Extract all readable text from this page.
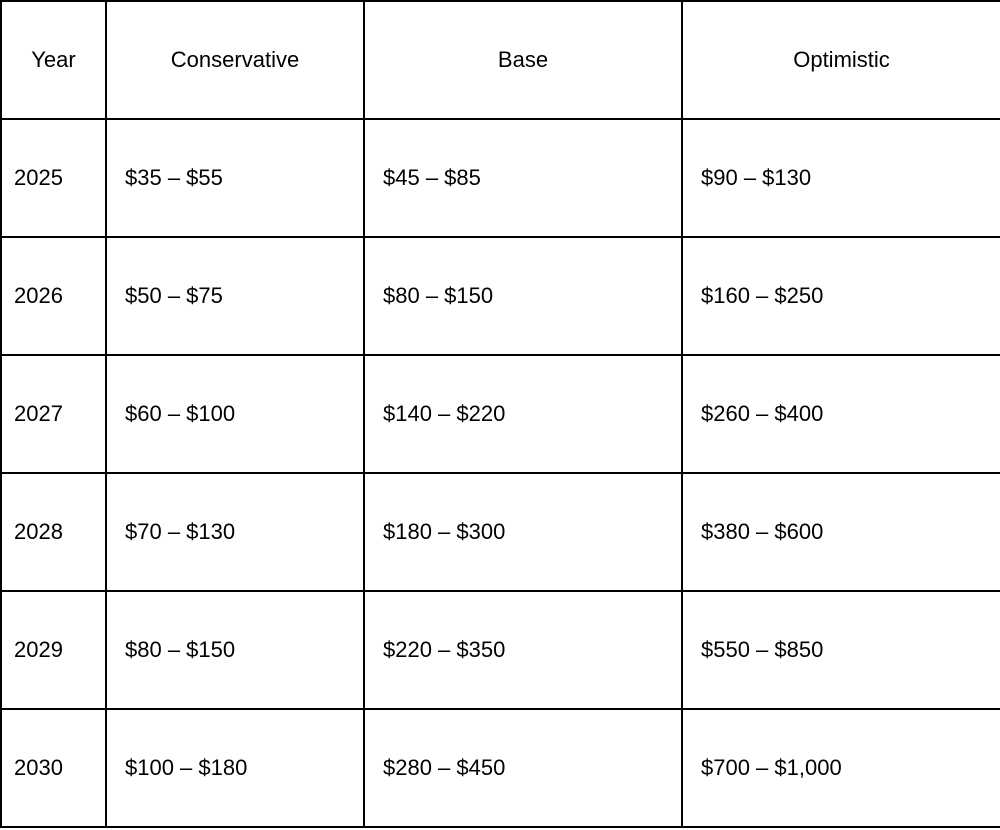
Year	Conservative	Base	Optimistic
2025	$35 – $55	$45 – $85	$90 – $130
2026	$50 – $75	$80 – $150	$160 – $250
2027	$60 – $100	$140 – $220	$260 – $400
2028	$70 – $130	$180 – $300	$380 – $600
2029	$80 – $150	$220 – $350	$550 – $850
2030	$100 – $180	$280 – $450	$700 – $1,000
